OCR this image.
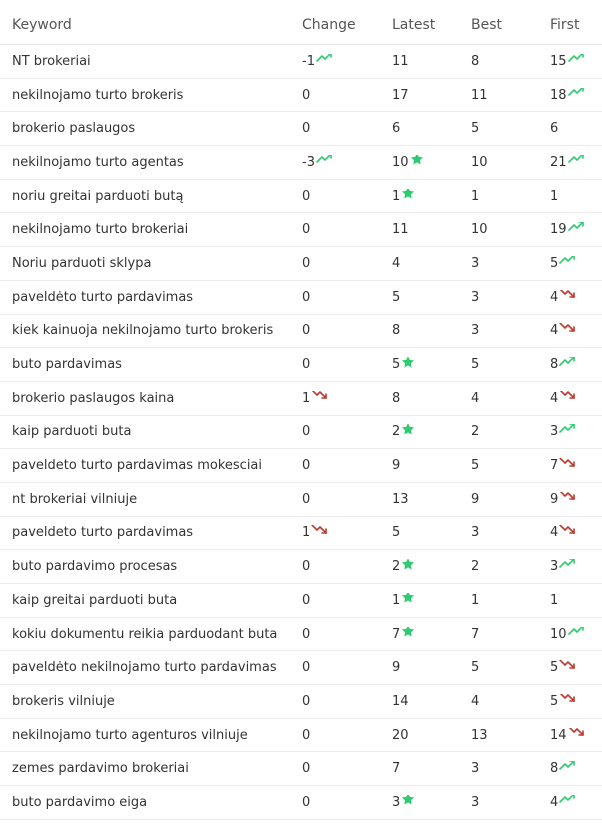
Keyword	Change	Latest	Best	First
NT brokeriai	-1	11	8	15
nekilnojamo turto brokeris	0	17	11	18
brokerio paslaugos	0	6	5	6
nekilnojamo turto agentas	-3	10	10	21
noriu greitai parduoti butą	0	1	1	1
nekilnojamo turto brokeriai	0	11	10	19
Noriu parduoti sklypa	0	4	3	5
paveldėto turto pardavimas	0	5	3	4
kiek kainuoja nekilnojamo turto brokeris	0	8	3	4
buto pardavimas	0	5	5	8
brokerio paslaugos kaina	1	8	4	4
kaip parduoti buta	0	2	2	3
paveldeto turto pardavimas mokesciai	0	9	5	7
nt brokeriai vilniuje	0	13	9	9
paveldeto turto pardavimas	1	5	3	4
buto pardavimo procesas	0	2	2	3
kaip greitai parduoti buta	0	1	1	1
kokiu dokumentu reikia parduodant buta	0	7	7	10
paveldėto nekilnojamo turto pardavimas	0	9	5	5
brokeris vilniuje	0	14	4	5
nekilnojamo turto agenturos vilniuje	0	20	13	14
zemes pardavimo brokeriai	0	7	3	8
buto pardavimo eiga	0	3	3	4
